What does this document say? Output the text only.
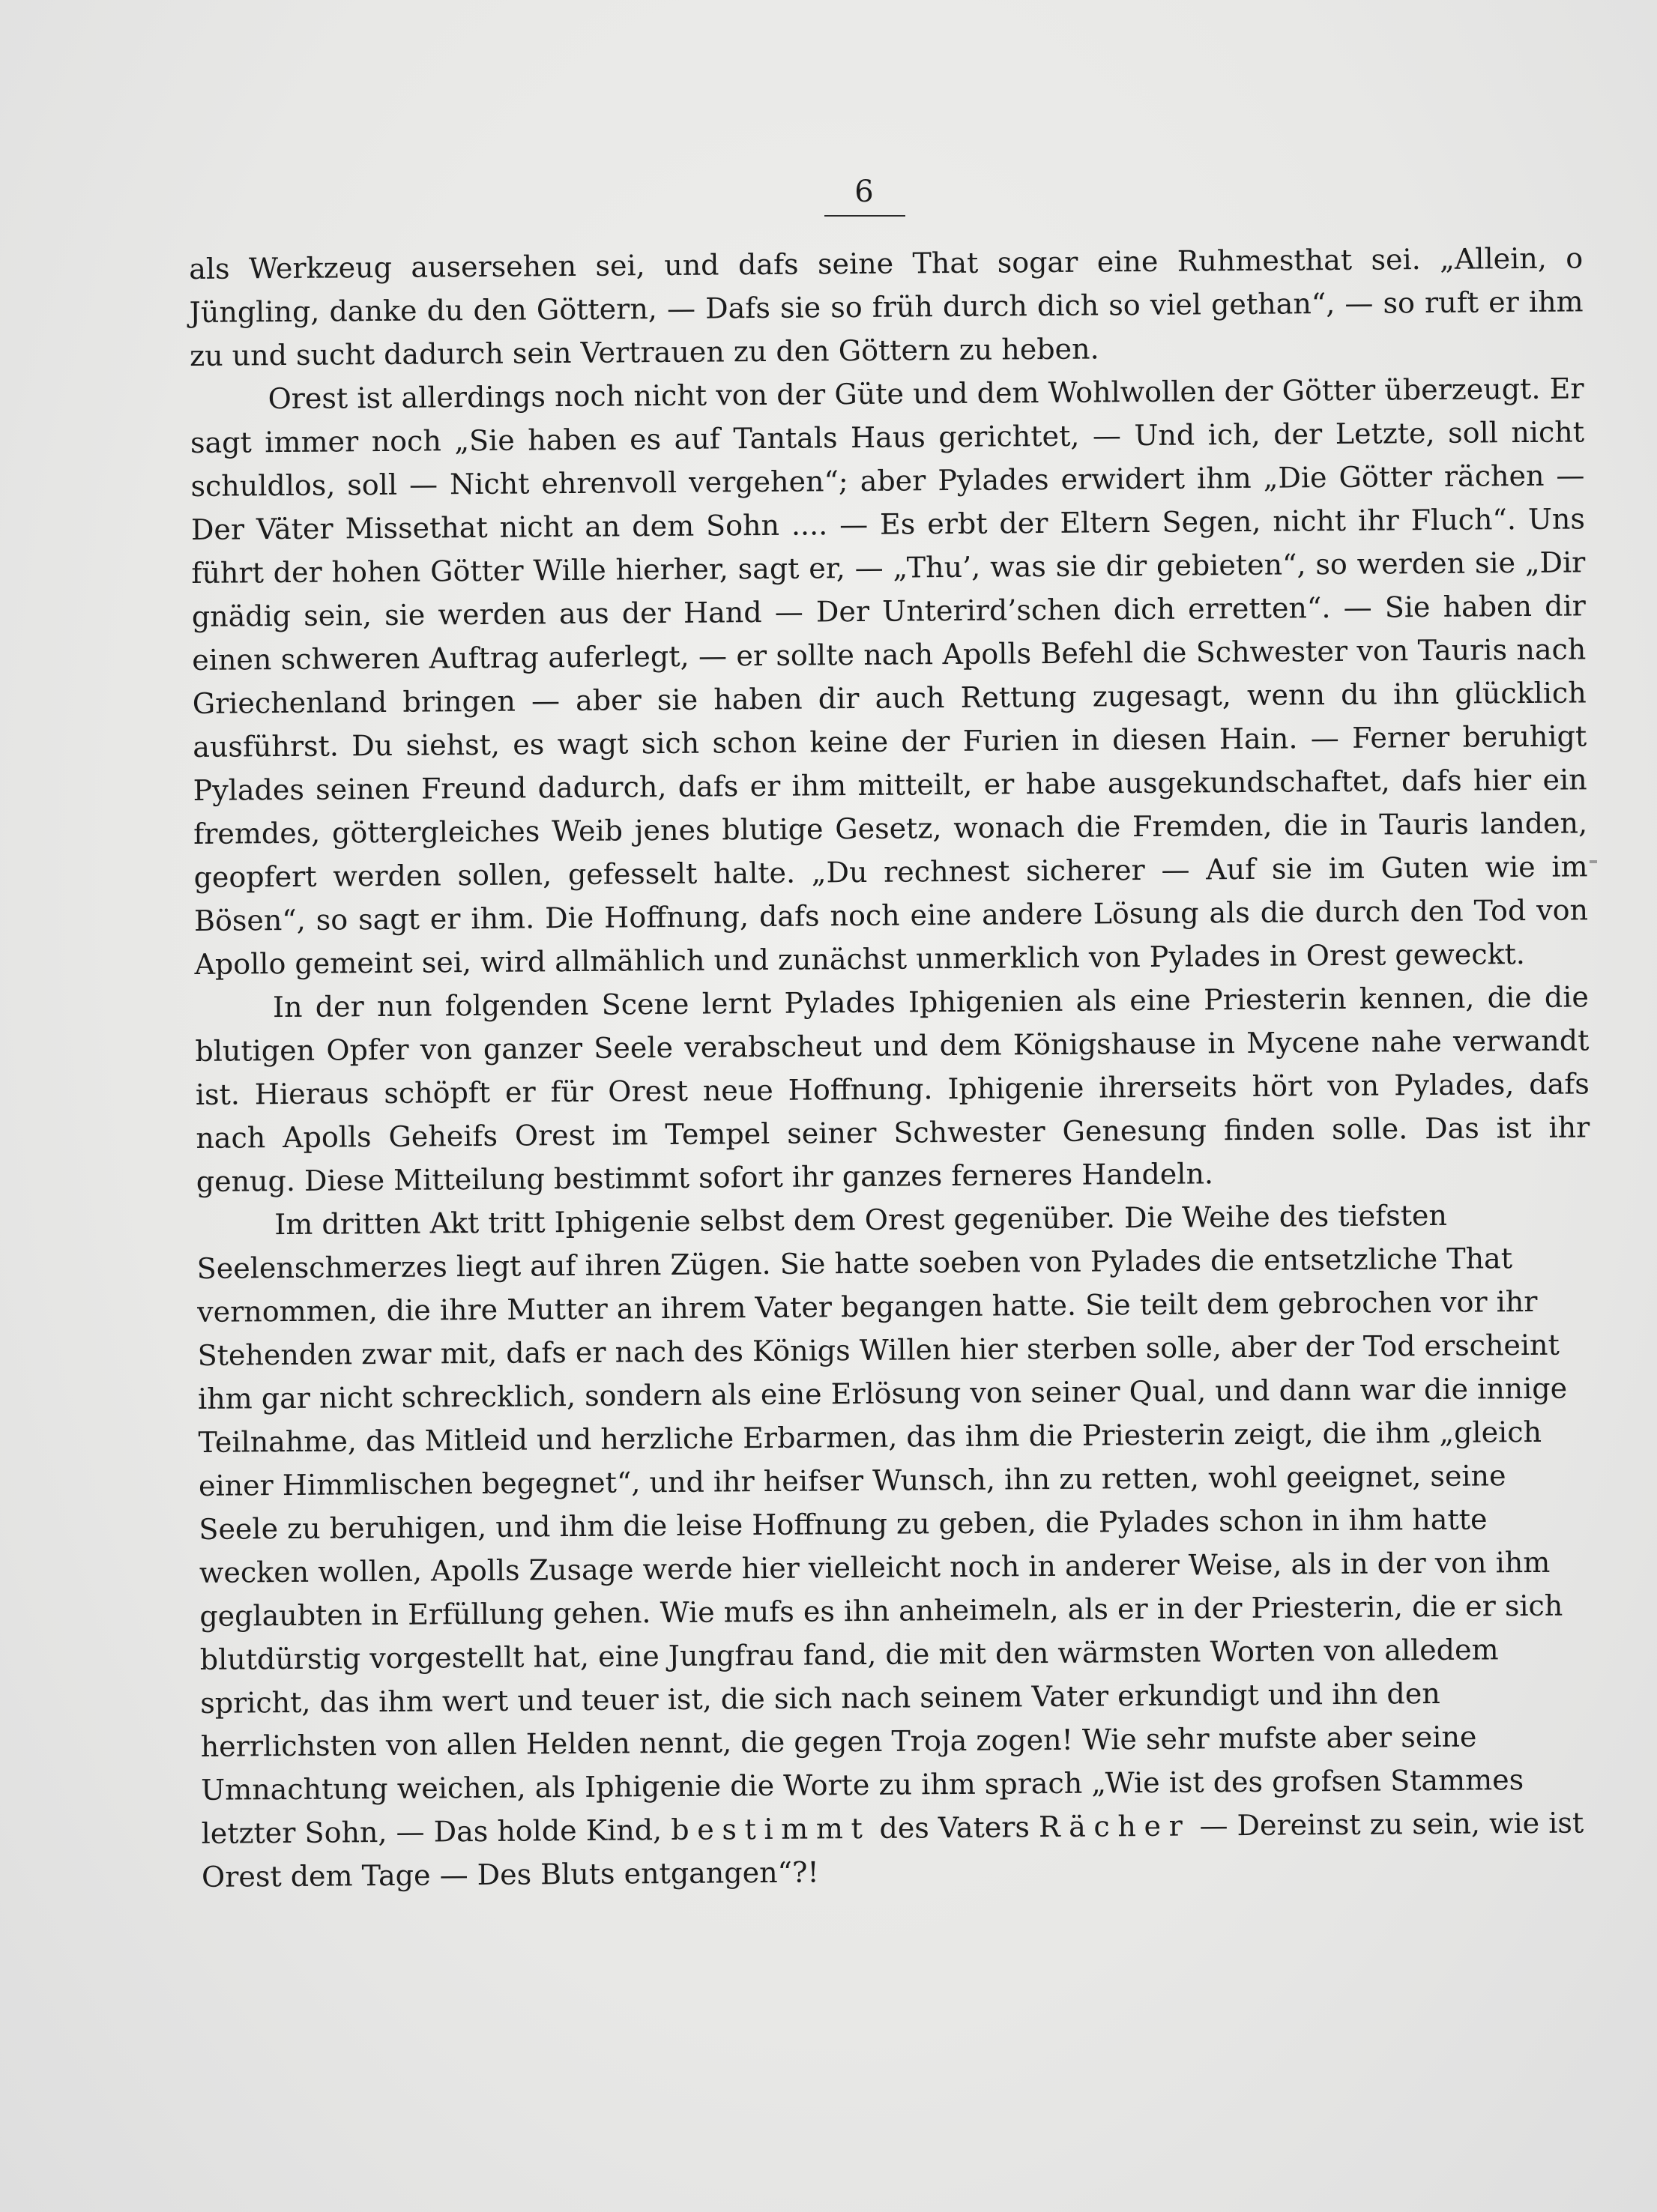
6

als Werkzeug ausersehen sei, und dafs seine That sogar eine Ruhmesthat sei. „Allein, o Jüngling, danke du den Göttern, — Dafs sie so früh durch dich so viel gethan“, — so ruft er ihm zu und sucht dadurch sein Vertrauen zu den Göttern zu heben.

Orest ist allerdings noch nicht von der Güte und dem Wohlwollen der Götter überzeugt. Er sagt immer noch „Sie haben es auf Tantals Haus gerichtet, — Und ich, der Letzte, soll nicht schuldlos, soll — Nicht ehrenvoll vergehen“; aber Pylades erwidert ihm „Die Götter rächen — Der Väter Missethat nicht an dem Sohn .... — Es erbt der Eltern Segen, nicht ihr Fluch“. Uns führt der hohen Götter Wille hierher, sagt er, — „Thu’, was sie dir gebieten“, so werden sie „Dir gnädig sein, sie werden aus der Hand — Der Unterird’schen dich erretten“. — Sie haben dir einen schweren Auftrag auferlegt, — er sollte nach Apolls Befehl die Schwester von Tauris nach Griechenland bringen — aber sie haben dir auch Rettung zugesagt, wenn du ihn glücklich ausführst. Du siehst, es wagt sich schon keine der Furien in diesen Hain. — Ferner beruhigt Pylades seinen Freund dadurch, dafs er ihm mitteilt, er habe ausgekundschaftet, dafs hier ein fremdes, göttergleiches Weib jenes blutige Gesetz, wonach die Fremden, die in Tauris landen, geopfert werden sollen, gefesselt halte. „Du rechnest sicherer — Auf sie im Guten wie im Bösen“, so sagt er ihm. Die Hoffnung, dafs noch eine andere Lösung als die durch den Tod von Apollo gemeint sei, wird allmählich und zunächst unmerklich von Pylades in Orest geweckt.

In der nun folgenden Scene lernt Pylades Iphigenien als eine Priesterin kennen, die die blutigen Opfer von ganzer Seele verabscheut und dem Königshause in Mycene nahe verwandt ist. Hieraus schöpft er für Orest neue Hoffnung. Iphigenie ihrerseits hört von Pylades, dafs nach Apolls Geheifs Orest im Tempel seiner Schwester Genesung finden solle. Das ist ihr genug. Diese Mitteilung bestimmt sofort ihr ganzes ferneres Handeln.

Im dritten Akt tritt Iphigenie selbst dem Orest gegenüber. Die Weihe des tiefsten Seelenschmerzes liegt auf ihren Zügen. Sie hatte soeben von Pylades die entsetzliche That vernommen, die ihre Mutter an ihrem Vater begangen hatte. Sie teilt dem gebrochen vor ihr Stehenden zwar mit, dafs er nach des Königs Willen hier sterben solle, aber der Tod erscheint ihm gar nicht schrecklich, sondern als eine Erlösung von seiner Qual, und dann war die innige Teilnahme, das Mitleid und herzliche Erbarmen, das ihm die Priesterin zeigt, die ihm „gleich einer Himmlischen begegnet“, und ihr heifser Wunsch, ihn zu retten, wohl geeignet, seine Seele zu beruhigen, und ihm die leise Hoffnung zu geben, die Pylades schon in ihm hatte wecken wollen, Apolls Zusage werde hier vielleicht noch in anderer Weise, als in der von ihm geglaubten in Erfüllung gehen. Wie mufs es ihn anheimeln, als er in der Priesterin, die er sich blutdürstig vorgestellt hat, eine Jungfrau fand, die mit den wärmsten Worten von alledem spricht, das ihm wert und teuer ist, die sich nach seinem Vater erkundigt und ihn den herrlichsten von allen Helden nennt, die gegen Troja zogen! Wie sehr mufste aber seine Umnachtung weichen, als Iphigenie die Worte zu ihm sprach „Wie ist des grofsen Stammes letzter Sohn, — Das holde Kind, bestimmt des Vaters Rächer — Dereinst zu sein, wie ist Orest dem Tage — Des Bluts entgangen“?!
